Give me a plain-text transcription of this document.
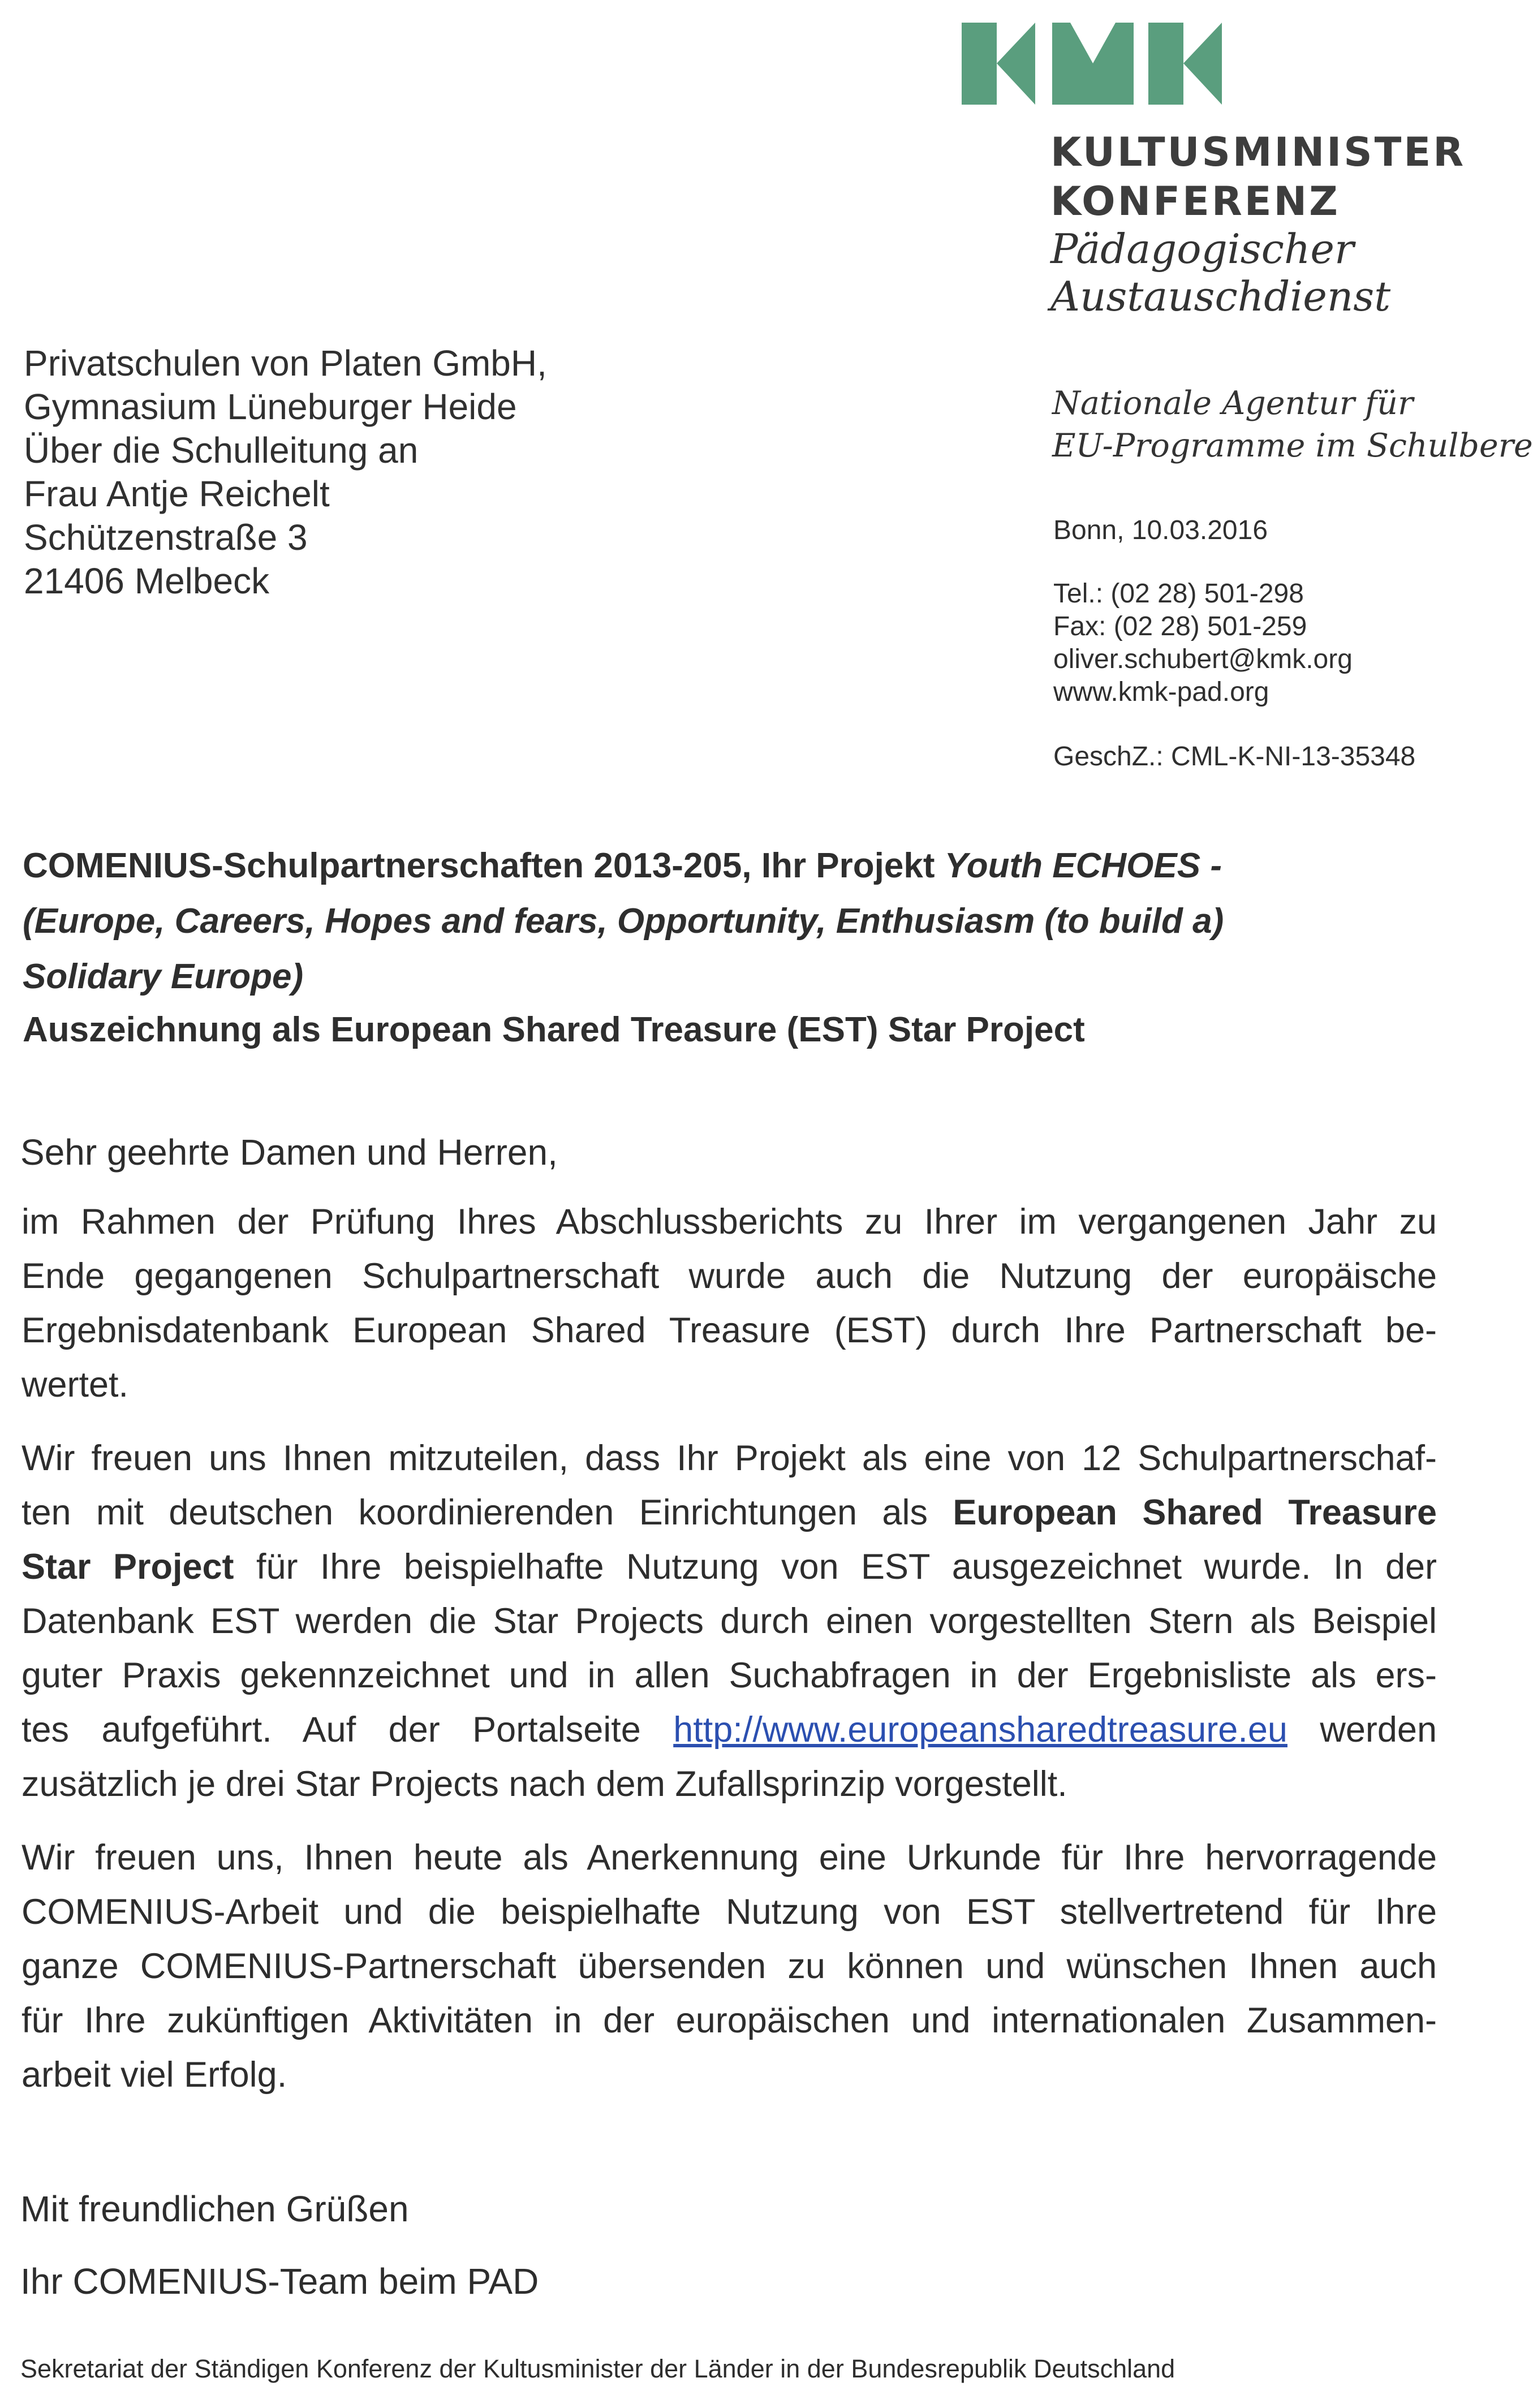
KULTUSMINISTER
KONFERENZ
Pädagogischer
Austauschdienst
Nationale Agentur für
EU-Programme im Schulbere
Bonn, 10.03.2016
Tel.: (02 28) 501-298
Fax: (02 28) 501-259
oliver.schubert@kmk.org
www.kmk-pad.org
GeschZ.: CML-K-NI-13-35348
Privatschulen von Platen GmbH,
Gymnasium Lüneburger Heide
Über die Schulleitung an
Frau Antje Reichelt
Schützenstraße 3
21406 Melbeck
COMENIUS-Schulpartnerschaften 2013-205, Ihr Projekt Youth ECHOES -
(Europe, Careers, Hopes and fears, Opportunity, Enthusiasm (to build a)
Solidary Europe)
Auszeichnung als European Shared Treasure (EST) Star Project
Sehr geehrte Damen und Herren,
im Rahmen der Prüfung Ihres Abschlussberichts zu Ihrer im vergangenen Jahr zu
Ende gegangenen Schulpartnerschaft wurde auch die Nutzung der europäische
Ergebnisdatenbank European Shared Treasure (EST) durch Ihre Partnerschaft be-
wertet.
Wir freuen uns Ihnen mitzuteilen, dass Ihr Projekt als eine von 12 Schulpartnerschaf-
ten mit deutschen koordinierenden Einrichtungen als European Shared Treasure
Star Project für Ihre beispielhafte Nutzung von EST ausgezeichnet wurde. In der
Datenbank EST werden die Star Projects durch einen vorgestellten Stern als Beispiel
guter Praxis gekennzeichnet und in allen Suchabfragen in der Ergebnisliste als ers-
tes aufgeführt. Auf der Portalseite http://www.europeansharedtreasure.eu werden
zusätzlich je drei Star Projects nach dem Zufallsprinzip vorgestellt.
Wir freuen uns, Ihnen heute als Anerkennung eine Urkunde für Ihre hervorragende
COMENIUS-Arbeit und die beispielhafte Nutzung von EST stellvertretend für Ihre
ganze COMENIUS-Partnerschaft übersenden zu können und wünschen Ihnen auch
für Ihre zukünftigen Aktivitäten in der europäischen und internationalen Zusammen-
arbeit viel Erfolg.
Mit freundlichen Grüßen
Ihr COMENIUS-Team beim PAD
Sekretariat der Ständigen Konferenz der Kultusminister der Länder in der Bundesrepublik Deutschland
